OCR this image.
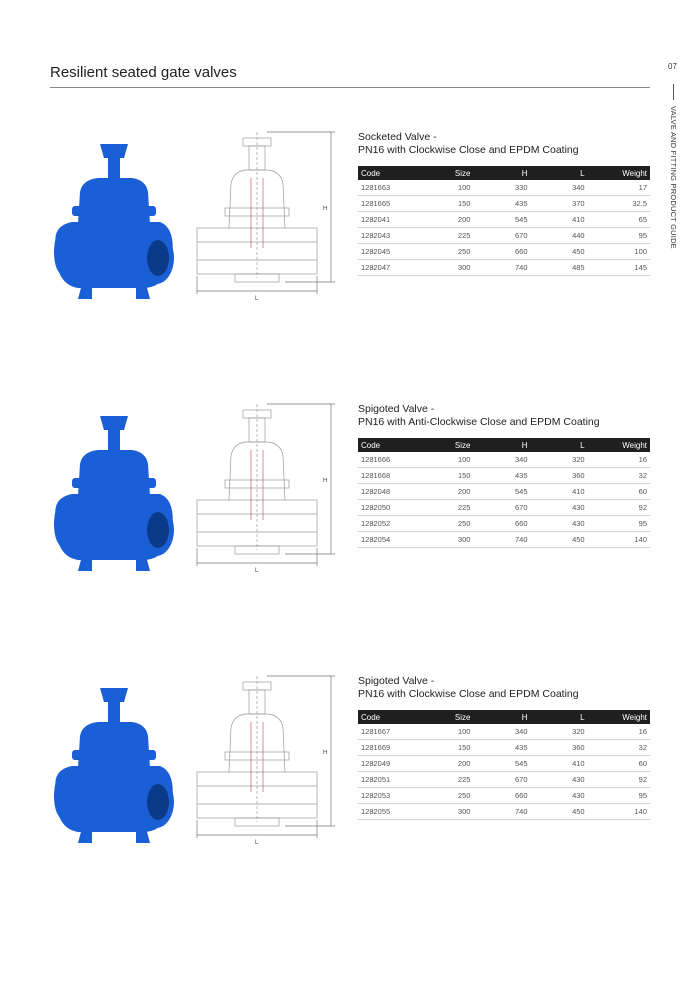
Resilient seated gate valves	07
VALVE AND FITTING PRODUCT GUIDE
H
L
Socketed Valve -
PN16 with Clockwise Close and EPDM Coating
Code	Size	H	L	Weight
1281663	100	330	340	17
1281665	150	435	370	32.5
1282041	200	545	410	65
1282043	225	670	440	95
1282045	250	660	450	100
1282047	300	740	485	145
H
L
Spigoted Valve -
PN16 with Anti-Clockwise Close and EPDM Coating
Code	Size	H	L	Weight
1281666	100	340	320	16
1281668	150	435	360	32
1282048	200	545	410	60
1282050	225	670	430	92
1282052	250	660	430	95
1282054	300	740	450	140
H
L
Spigoted Valve -
PN16 with Clockwise Close and EPDM Coating
Code	Size	H	L	Weight
1281667	100	340	320	16
1281669	150	435	360	32
1282049	200	545	410	60
1282051	225	670	430	92
1282053	250	660	430	95
1282055	300	740	450	140
